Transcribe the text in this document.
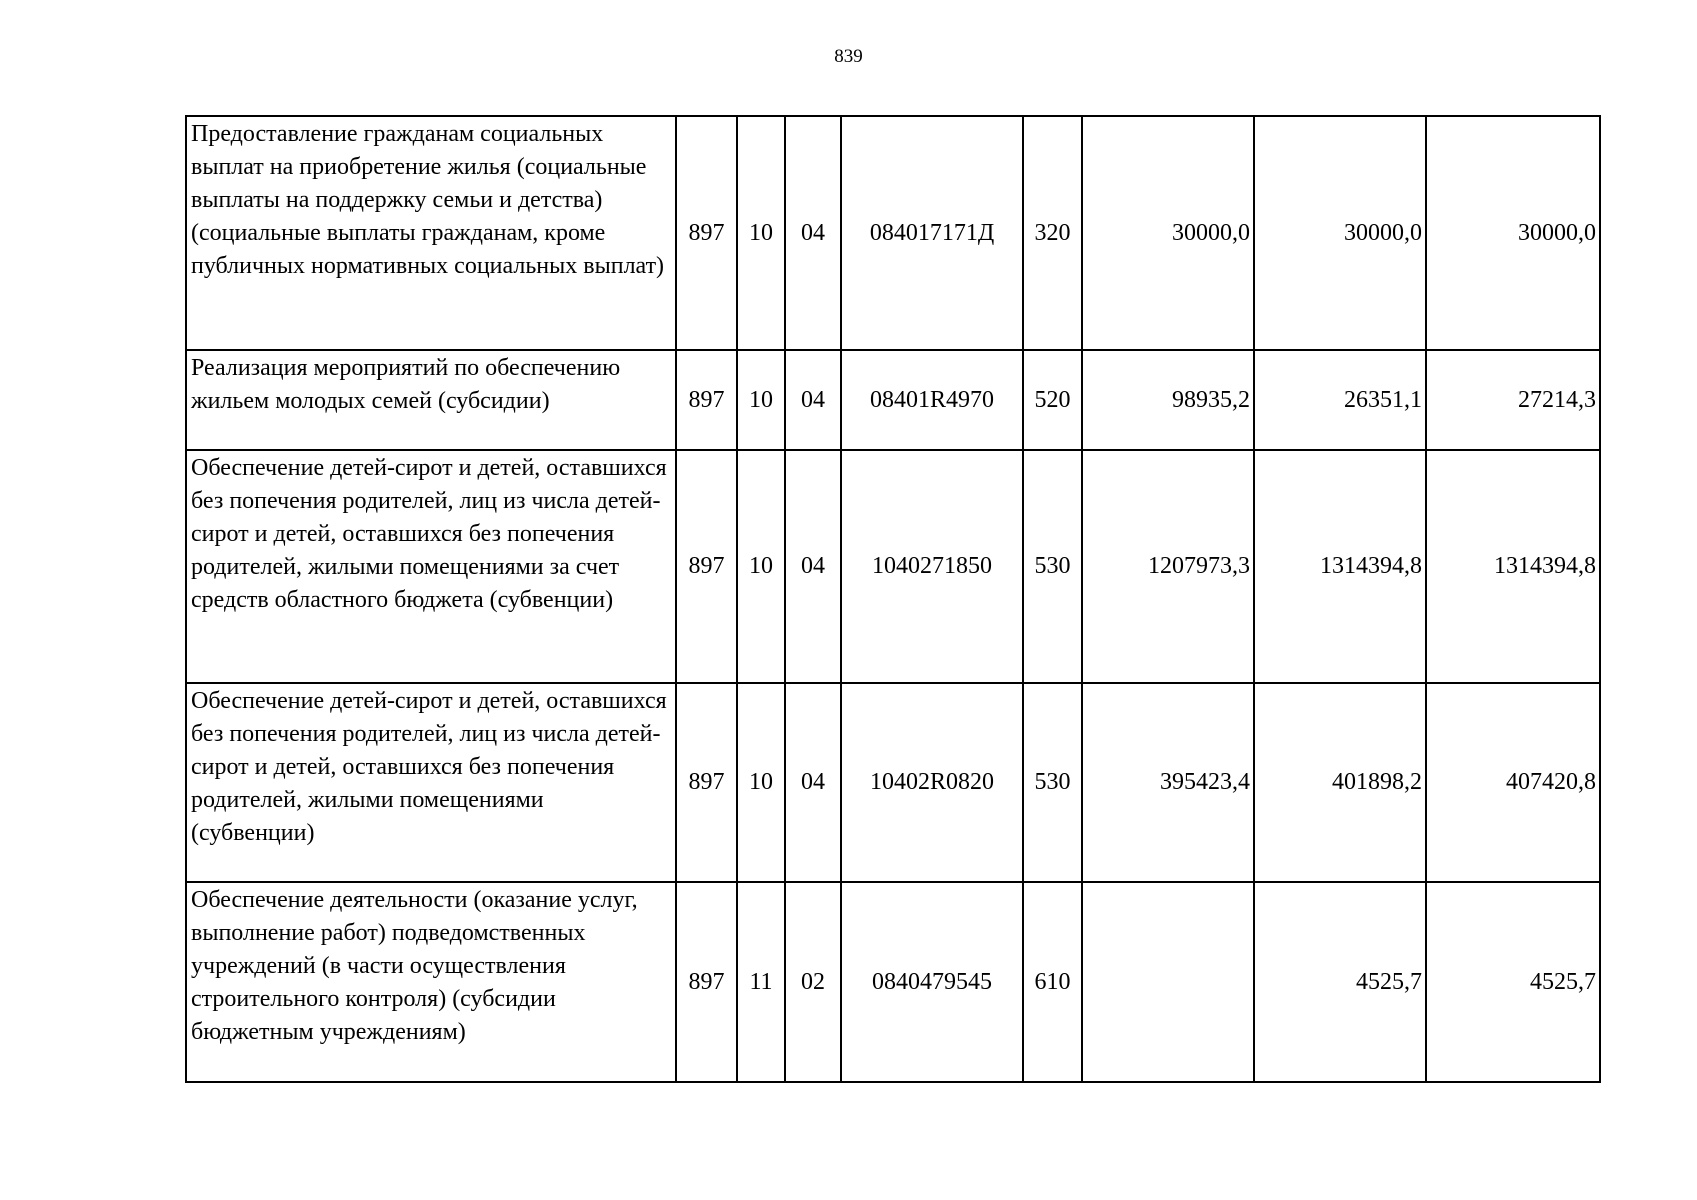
839
Предоставление гражданам социальных выплат на приобретение жилья (социальные выплаты на поддержку семьи и детства) (социальные выплаты гражданам, кроме публичных нормативных социальных выплат)	897	10	04	084017171Д	320	30000,0	30000,0	30000,0
Реализация мероприятий по обеспечению жильем молодых семей (субсидии)	897	10	04	08401R4970	520	98935,2	26351,1	27214,3
Обеспечение детей-сирот и детей, оставшихся без попечения родителей, лиц из числа детей-сирот и детей, оставшихся без попечения родителей, жилыми помещениями за счет средств областного бюджета (субвенции)	897	10	04	1040271850	530	1207973,3	1314394,8	1314394,8
Обеспечение детей-сирот и детей, оставшихся без попечения родителей, лиц из числа детей-сирот и детей, оставшихся без попечения родителей, жилыми помещениями (субвенции)	897	10	04	10402R0820	530	395423,4	401898,2	407420,8
Обеспечение деятельности (оказание услуг, выполнение работ) подведомственных учреждений (в части осуществления строительного контроля) (субсидии бюджетным учреждениям)	897	11	02	0840479545	610		4525,7	4525,7
